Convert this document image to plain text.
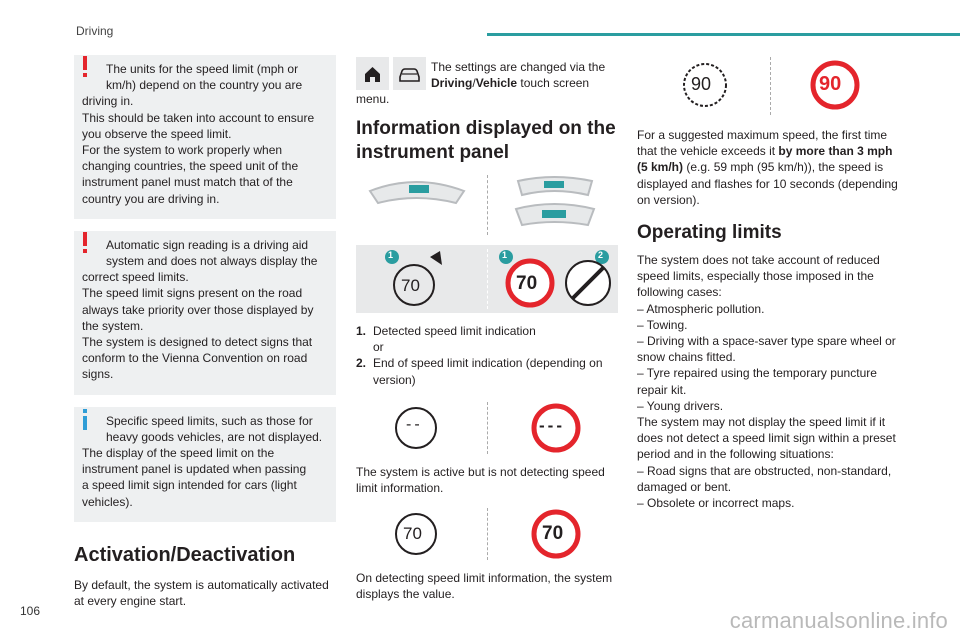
Driving

The units for the speed limit (mph or

km/h) depend on the country you are

driving in.

This should be taken into account to ensure

you observe the speed limit.

For the system to work properly when

changing countries, the speed unit of the

instrument panel must match that of the

country you are driving in.

Automatic sign reading is a driving aid

system and does not always display the

correct speed limits.

The speed limit signs present on the road

always take priority over those displayed by

the system.

The system is designed to detect signs that

conform to the Vienna Convention on road

signs.

Specific speed limits, such as those for

heavy goods vehicles, are not displayed.

The display of the speed limit on the

instrument panel is updated when passing

a speed limit sign intended for cars (light

vehicles).

Activation/Deactivation

By default, the system is automatically activated at every engine start.

The settings are changed via the
Driving/Vehicle touch screen

menu.

Information displayed on the instrument panel
1
70
1
70
2
1. Detected speed limit indication
or
2. End of speed limit indication (depending on version)
--	---

The system is active but is not detecting speed limit information.

70	70

On detecting speed limit information, the system displays the value.

90	90

For a suggested maximum speed, the first time that the vehicle exceeds it by more than 3 mph (5 km/h) (e.g. 59 mph (95 km/h)), the speed is displayed and flashes for 10 seconds (depending on version).

Operating limits

The system does not take account of reduced speed limits, especially those imposed in the following cases:

– Atmospheric pollution.

– Towing.

– Driving with a space-saver type spare wheel or snow chains fitted.

– Tyre repaired using the temporary puncture repair kit.

– Young drivers.

The system may not display the speed limit if it does not detect a speed limit sign within a preset period and in the following situations:

– Road signs that are obstructed, non-standard, damaged or bent.

– Obsolete or incorrect maps.

106	carmanualsonline.info
